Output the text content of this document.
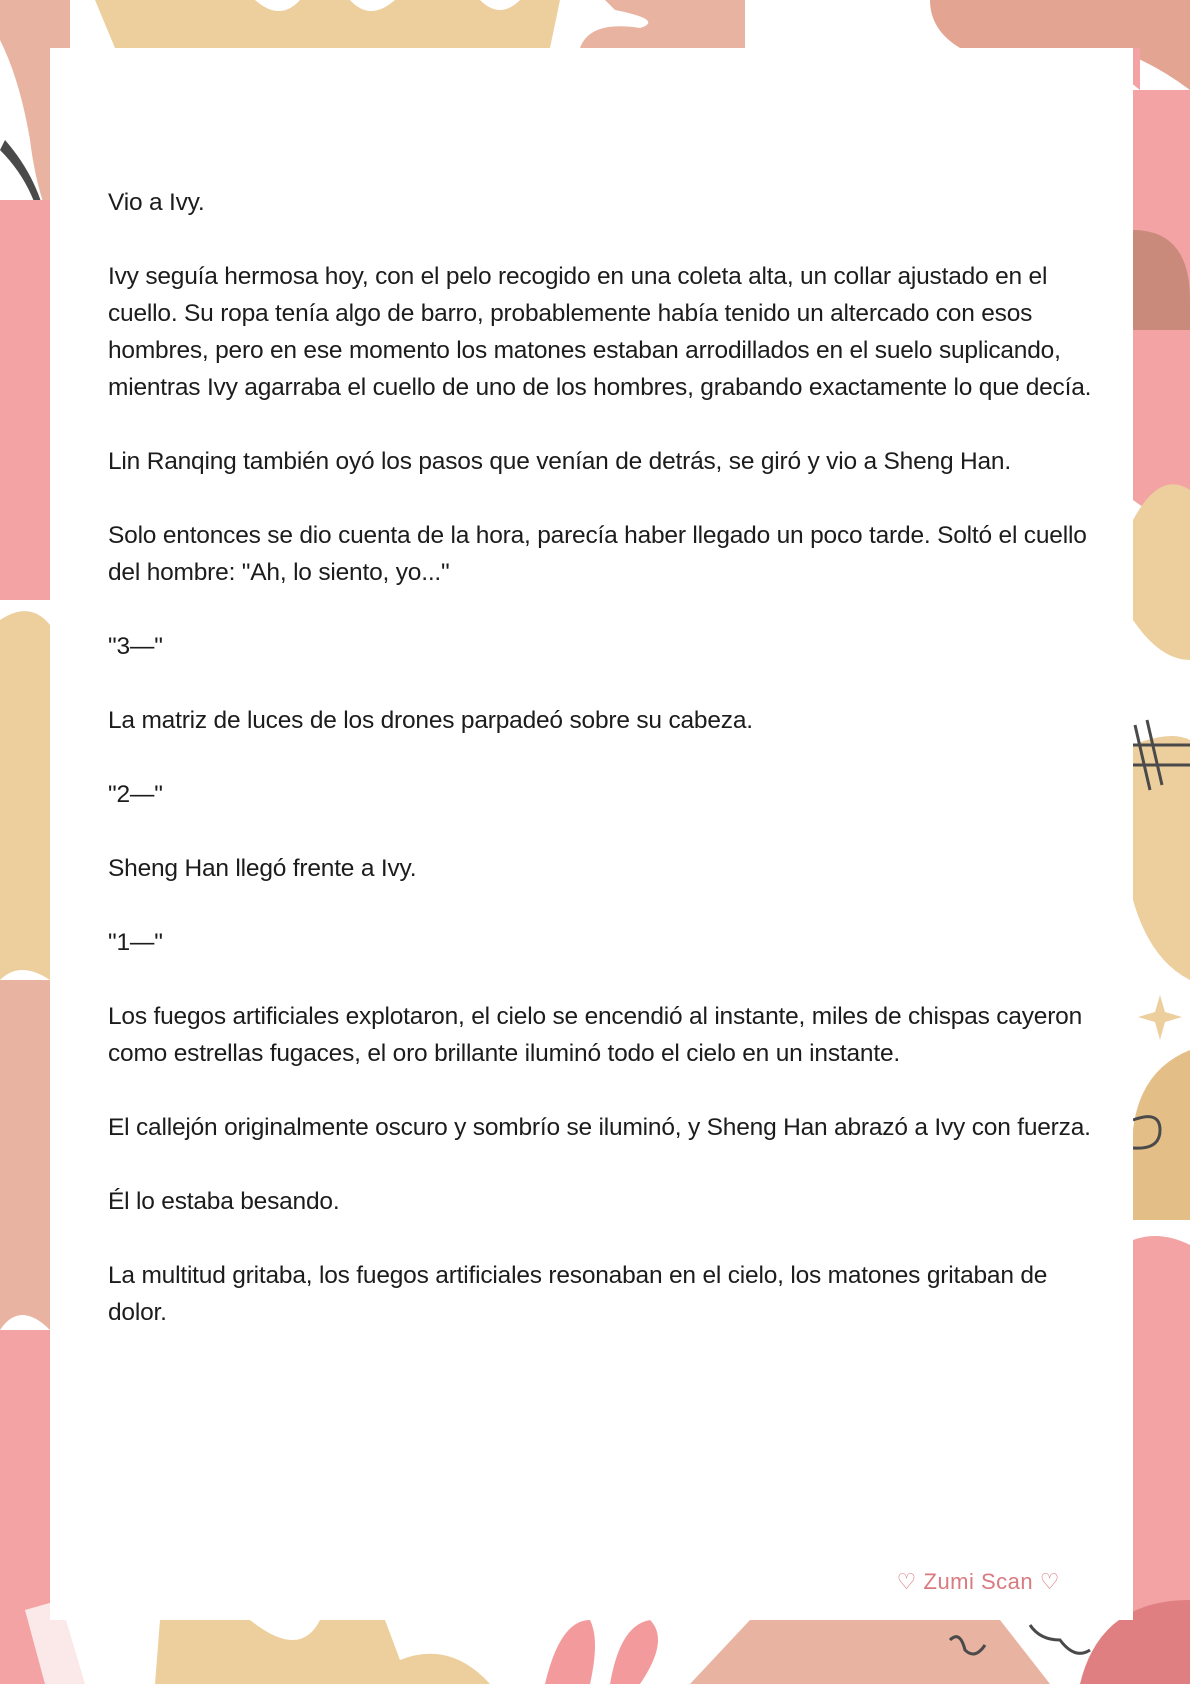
Vio a Ivy.

Ivy seguía hermosa hoy, con el pelo recogido en una coleta alta, un collar ajustado en el cuello. Su ropa tenía algo de barro, probablemente había tenido un altercado con esos hombres, pero en ese momento los matones estaban arrodillados en el suelo suplicando, mientras Ivy agarraba el cuello de uno de los hombres, grabando exactamente lo que decía.

Lin Ranqing también oyó los pasos que venían de detrás, se giró y vio a Sheng Han.

Solo entonces se dio cuenta de la hora, parecía haber llegado un poco tarde. Soltó el cuello del hombre: "Ah, lo siento, yo..."

"3—"

La matriz de luces de los drones parpadeó sobre su cabeza.

"2—"

Sheng Han llegó frente a Ivy.

"1—"

Los fuegos artificiales explotaron, el cielo se encendió al instante, miles de chispas cayeron como estrellas fugaces, el oro brillante iluminó todo el cielo en un instante.

El callejón originalmente oscuro y sombrío se iluminó, y Sheng Han abrazó a Ivy con fuerza.

Él lo estaba besando.

La multitud gritaba, los fuegos artificiales resonaban en el cielo, los matones gritaban de dolor.

♡ Zumi Scan ♡
